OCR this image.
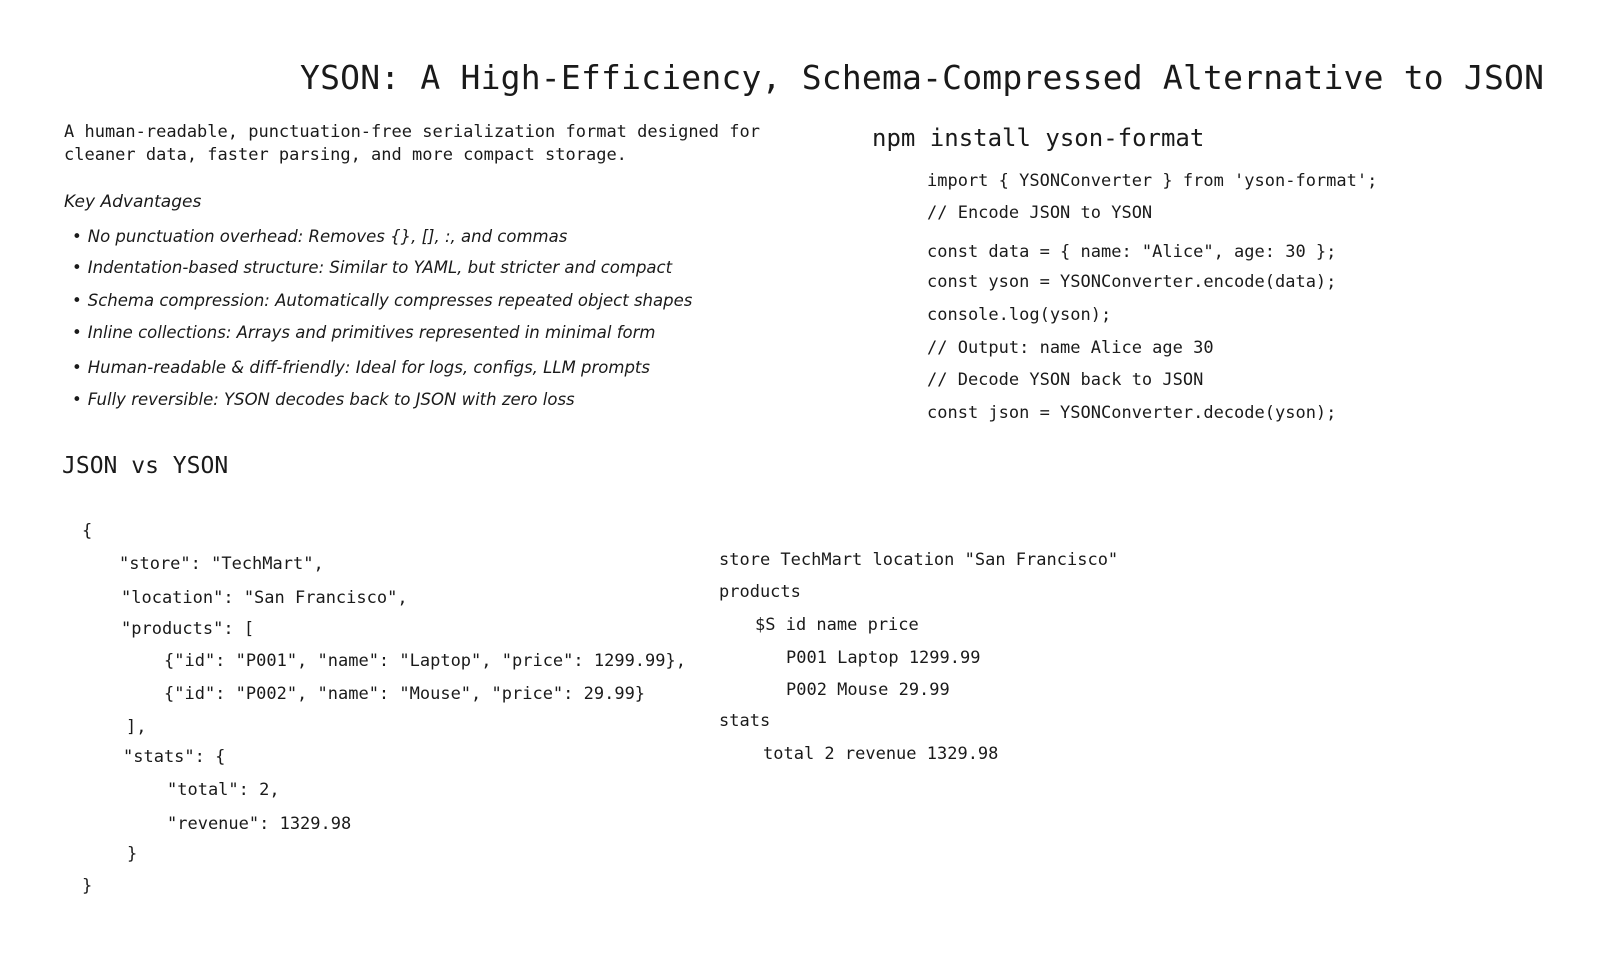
YSON: A High-Efficiency, Schema-Compressed Alternative to JSON
A human-readable, punctuation-free serialization format designed for cleaner data, faster parsing, and more compact storage.
Key Advantages
• No punctuation overhead: Removes {}, [], :, and commas
• Indentation-based structure: Similar to YAML, but stricter and compact
• Schema compression: Automatically compresses repeated object shapes
• Inline collections: Arrays and primitives represented in minimal form
• Human-readable & diff-friendly: Ideal for logs, configs, LLM prompts
• Fully reversible: YSON decodes back to JSON with zero loss
npm install yson-format
import { YSONConverter } from 'yson-format';
// Encode JSON to YSON
const data = { name: "Alice", age: 30 };
const yson = YSONConverter.encode(data);
console.log(yson);
// Output: name Alice age 30
// Decode YSON back to JSON
const json = YSONConverter.decode(yson);
JSON vs YSON
{
"store": "TechMart",
"location": "San Francisco",
"products": [
{"id": "P001", "name": "Laptop", "price": 1299.99},
{"id": "P002", "name": "Mouse", "price": 29.99}
],
"stats": {
"total": 2,
"revenue": 1329.98
}
}
store TechMart location "San Francisco"
products
$S id name price
P001 Laptop 1299.99
P002 Mouse 29.99
stats
total 2 revenue 1329.98
